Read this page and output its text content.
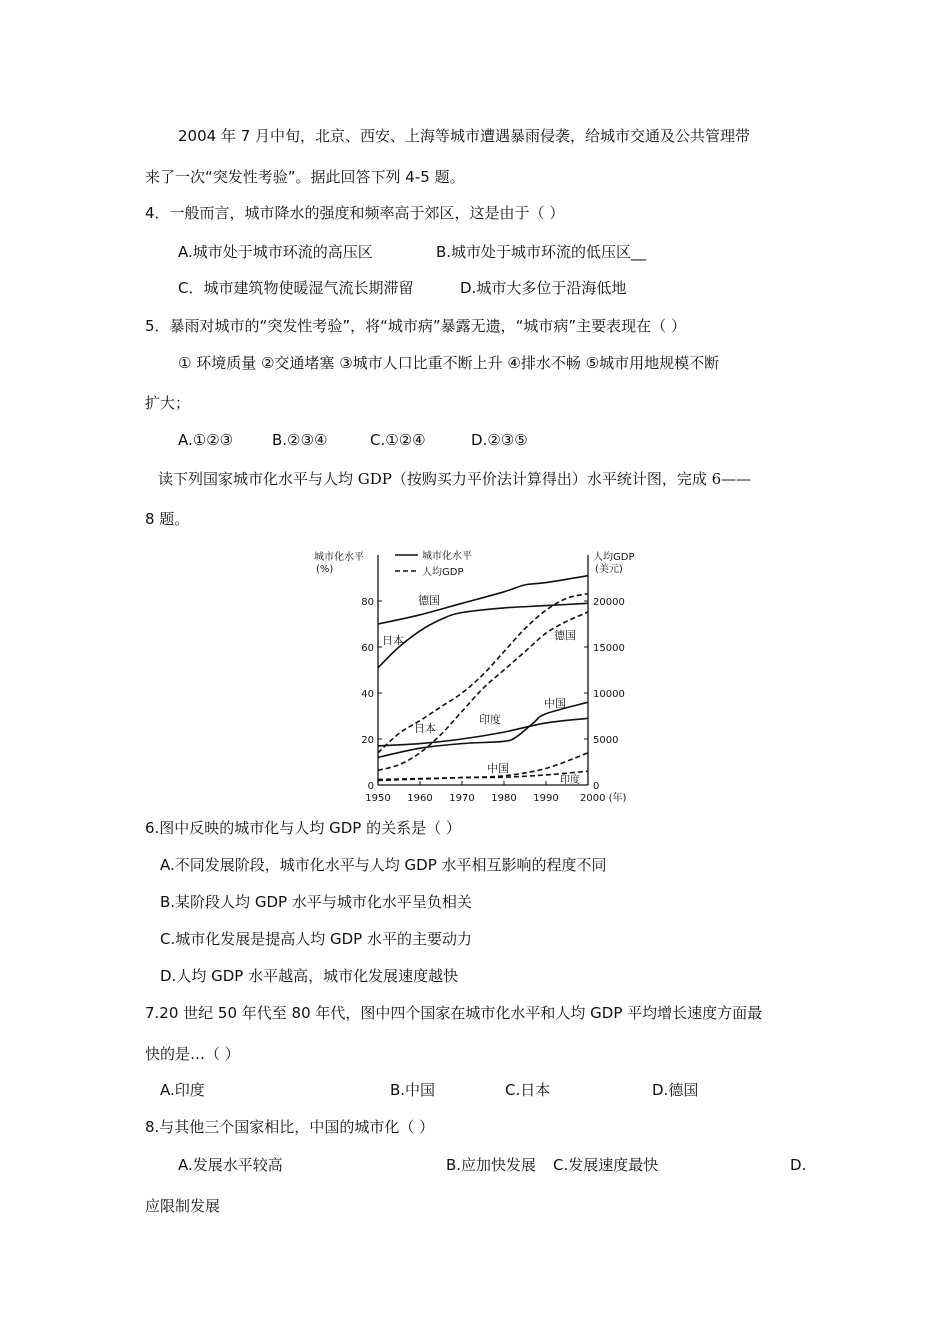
2004 年 7 月中旬，北京、西安、上海等城市遭遇暴雨侵袭，给城市交通及公共管理带
来了一次“突发性考验”。据此回答下列 4-5 题。
4．一般而言，城市降水的强度和频率高于郊区，这是由于（ ）
A.城市处于城市环流的高压区	B.城市处于城市环流的低压区__
C．城市建筑物使暖湿气流长期滞留	D.城市大多位于沿海低地
5．暴雨对城市的“突发性考验”，将“城市病”暴露无遗，“城市病”主要表现在（ ）
① 环境质量 ②交通堵塞 ③城市人口比重不断上升 ④排水不畅 ⑤城市用地规模不断
扩大；
A.①②③	B.②③④	C.①②④	D.②③⑤
读下列国家城市化水平与人均 GDP（按购买力平价法计算得出）水平统计图，完成 6——
8 题。
城市化水平
(%)
人均GDP
(美元)
城市化水平
人均GDP
0
20
40
60
80
0
5000
10000
15000
20000
1950 1960 1970 1980 1990 2000 (年)
德国
日本	德国
中国
印度
日本
中国
印度
6.图中反映的城市化与人均 GDP 的关系是（ ）
A.不同发展阶段，城市化水平与人均 GDP 水平相互影响的程度不同
B.某阶段人均 GDP 水平与城市化水平呈负相关
C.城市化发展是提高人均 GDP 水平的主要动力
D.人均 GDP 水平越高，城市化发展速度越快
7.20 世纪 50 年代至 80 年代，图中四个国家在城市化水平和人均 GDP 平均增长速度方面最
快的是…（ ）
A.印度	B.中国	C.日本	D.德国
8.与其他三个国家相比，中国的城市化（ ）
A.发展水平较高	B.应加快发展 C.发展速度最快	D.
应限制发展
